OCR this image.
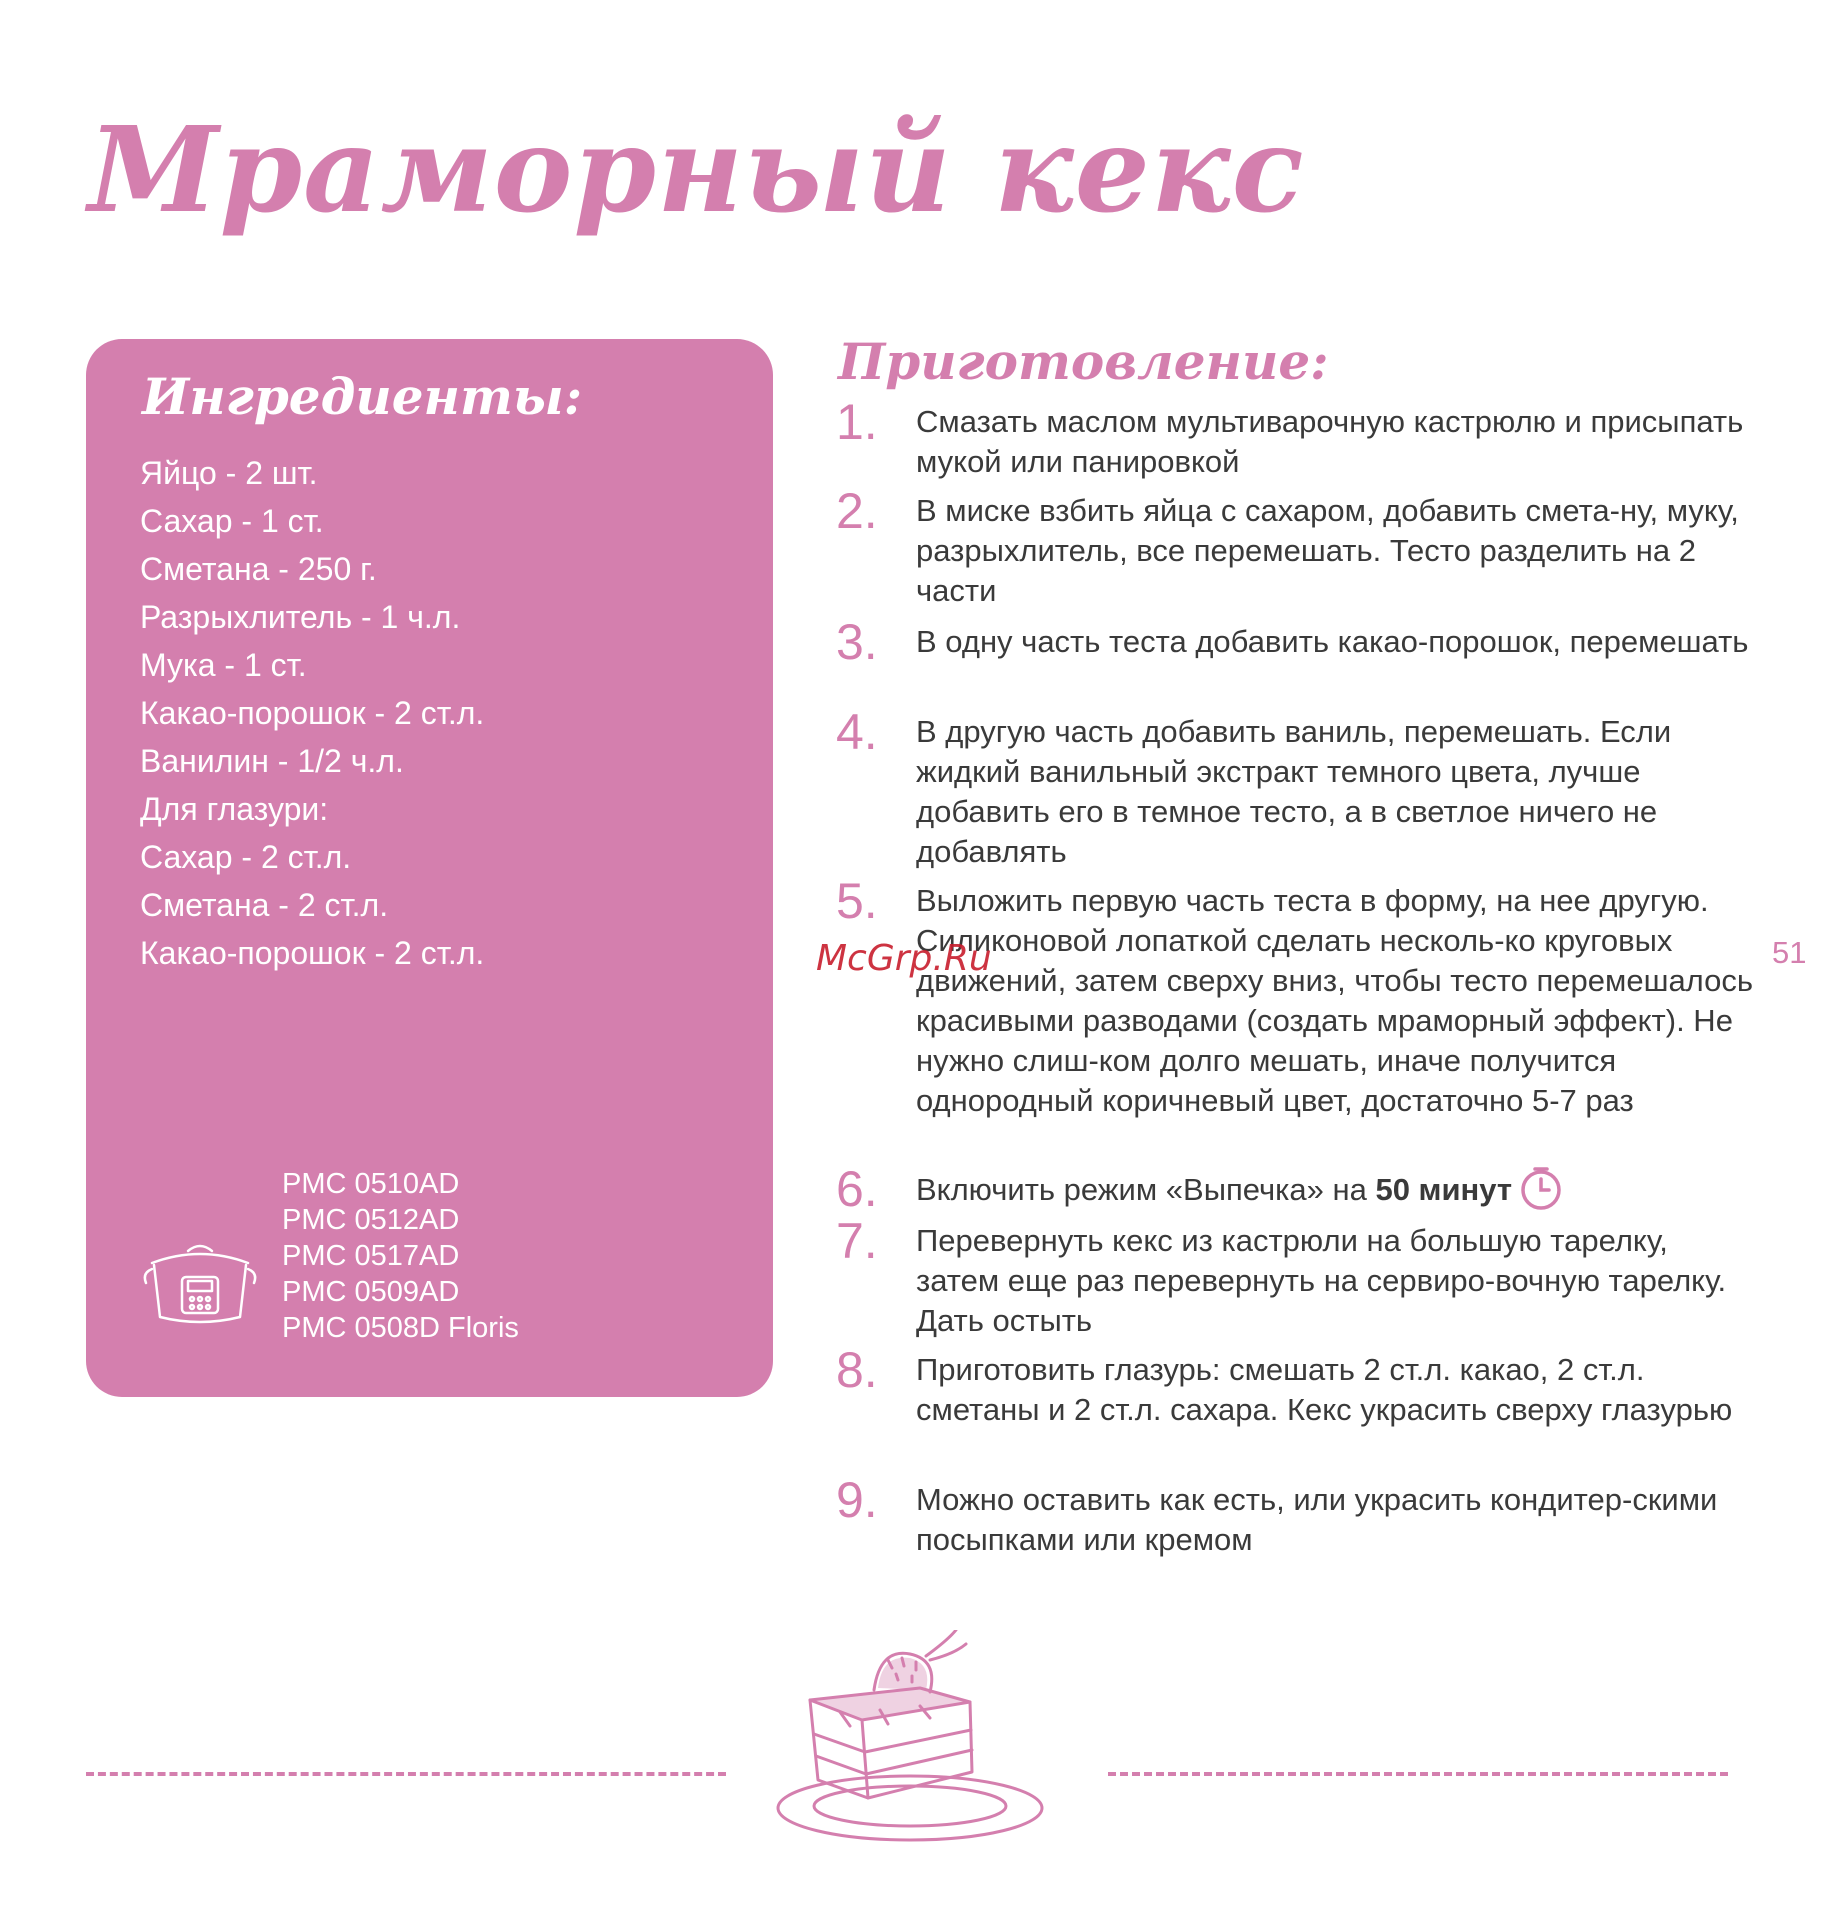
Мраморный кекс
Ингредиенты:
Яйцо - 2 шт.
Сахар - 1 ст.
Сметана - 250 г.
Разрыхлитель - 1 ч.л.
Мука - 1 ст.
Какао-порошок - 2 ст.л.
Ванилин - 1/2 ч.л.
Для глазури:
Сахар - 2 ст.л.
Сметана - 2 ст.л.
Какао-порошок - 2 ст.л.
PMC 0510AD
PMC 0512AD
PMC 0517AD
PMC 0509AD
PMC 0508D Floris
Приготовление:
1. Смазать маслом мультиварочную кастрюлю и присыпать мукой или панировкой

2. В миске взбить яйца с сахаром, добавить смета-ну, муку, разрыхлитель, все перемешать. Тесто разделить на 2 части

3. В одну часть теста добавить какао-порошок, перемешать

4. В другую часть добавить ваниль, перемешать. Если жидкий ванильный экстракт темного цвета, лучше добавить его в темное тесто, а в светлое ничего не добавлять

5. Выложить первую часть теста в форму, на нее другую. Силиконовой лопаткой сделать несколь-ко круговых движений, затем сверху вниз, чтобы тесто перемешалось красивыми разводами (создать мраморный эффект). Не нужно слиш-ком долго мешать, иначе получится однородный коричневый цвет, достаточно 5-7 раз

6. Включить режим «Выпечка» на 50 минут

7. Перевернуть кекс из кастрюли на большую тарелку, затем еще раз перевернуть на сервиро-вочную тарелку. Дать остыть

8. Приготовить глазурь: смешать 2 ст.л. какао, 2 ст.л. сметаны и 2 ст.л. сахара. Кекс украсить сверху глазурью

9. Можно оставить как есть, или украсить кондитер-скими посыпками или кремом

51
McGrp.Ru
